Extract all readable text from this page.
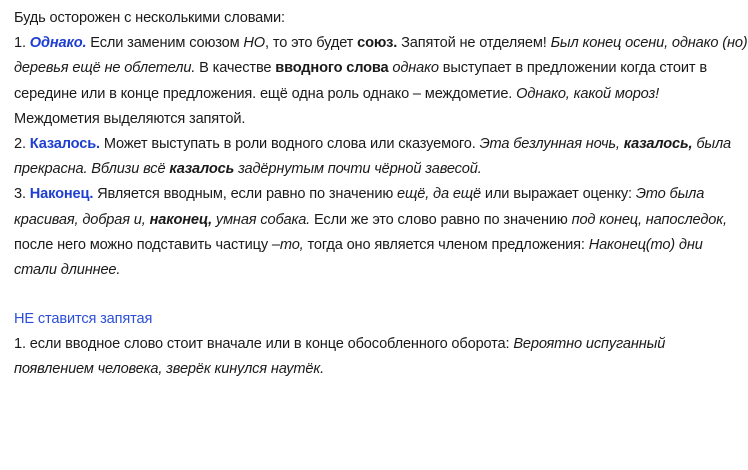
Будь осторожен с несколькими словами:
1. Однако. Если заменим союзом НО, то это будет союз. Запятой не отделяем! Был конец осени, однако (но)
деревья ещё не облетели. В качестве вводного слова однако выступает в предложении когда стоит в
середине или в конце предложения. ещё одна роль однако – междометие. Однако, какой мороз!
Междометия выделяются запятой.
2. Казалось. Может выступать в роли водного слова или сказуемого. Эта безлунная ночь, казалось, была
прекрасна. Вблизи всё казалось задёрнутым почти чёрной завесой.
3. Наконец. Является вводным, если равно по значению ещё, да ещё или выражает оценку: Это была
красивая, добрая и, наконец, умная собака. Если же это слово равно по значению под конец, напоследок,
после него можно подставить частицу –то, тогда оно является членом предложения: Наконец(то) дни
стали длиннее.
НЕ ставится запятая
1. если вводное слово стоит вначале или в конце обособленного оборота: Вероятно испуганный
появлением человека, зверёк кинулся наутёк.
